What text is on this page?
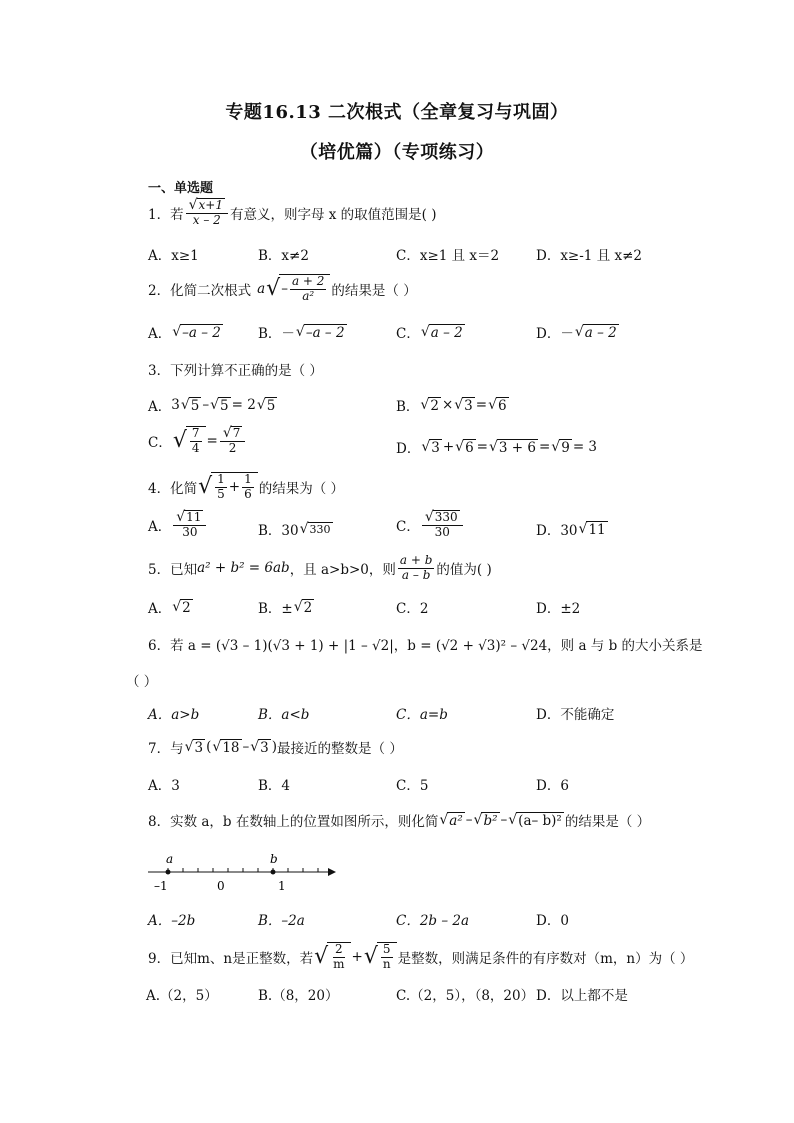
专题16.13 二次根式（全章复习与巩固）
（培优篇）（专项练习）
一、单选题
1．若 $\frac{√ x+1}{x - 2}$ 有意义，则字母 x 的取值范围是( )
A．x≥1	B．x≠2	C．x≥1 且 x＝2	D．x≥-1 且 x≠2
2．化简二次根式 a √ – $\frac{a + 2}{\text{a²}}$ 的结果是（ ）
A． √ –a – 2	B．－ √ –a – 2	C． √ a – 2	D．－ √ a – 2
3．下列计算不正确的是（ ）
A． 3 √ 5 – √ 5 = 2 √ 5	B． √ 2 × √ 3 = √ 6
C． √ $\frac{7}{4} = \frac{√ 7}{2}$	D． √ 3 + √ 6 = √ 3 + 6 = √ 9 = 3
4．化简 √ $\frac{1}{5} + \frac{1}{6}$ 的结果为（ ）
A． $\frac{√ 11}{30}$	B．30 √ 330	C． $\frac{√ 330}{30}$	D．30 √ 11
5．已知 a² + b² = 6ab ，且 a>b>0，则 $\frac{a + b}{a - b}$ 的值为( )
A． √ 2	B．± √ 2	C．2	D．±2
6．若 a = (√3 – 1)(√3 + 1) + |1 – √2|，b = (√2 + √3)² – √24，则 a 与 b 的大小关系是
（ ）
A．a>b	B．a<b	C．a=b	D．不能确定
7．与 √ 3 ( √ 18 – √ 3 ) 最接近的整数是（ ）
A．3	B．4	C．5	D．6
8．实数 a，b 在数轴上的位置如图所示，则化简 √ a² – √ b² – √ (a– b)² 的结果是（ ）
a	b
–1	0	1
A．–2b	B．–2a	C．2b – 2a	D．0
9．已知m、n是正整数，若 √ $\frac{2}{m}$ + √ $\frac{5}{n}$ 是整数，则满足条件的有序数对（m，n）为（ ）
A.（2，5）	B.（8，20）	C.（2，5），（8，20） D．以上都不是
